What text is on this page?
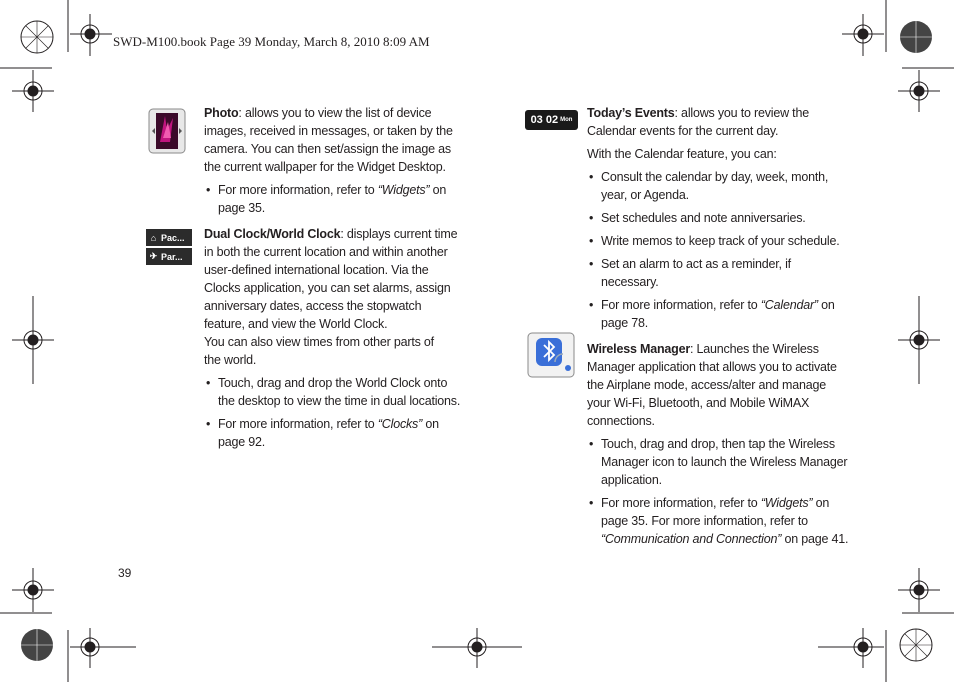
SWD-M100.book Page 39 Monday, March 8, 2010 8:09 AM
⌂ Pac...
✈ Par...

Photo: allows you to view the list of device images, received in messages, or taken by the camera. You can then set/assign the image as the current wallpaper for the Widget Desktop.

• For more information, refer to “Widgets” on page 35.

Dual Clock/World Clock: displays current time in both the current location and within another user-defined international location. Via the Clocks application, you can set alarms, assign anniversary dates, access the stopwatch feature, and view the World Clock.

You can also view times from other parts of the world.

• Touch, drag and drop the World Clock onto the desktop to view the time in dual locations.
• For more information, refer to “Clocks” on page 92.
03 02 Mon Today’s Events: allows you to review the Calendar events for the current day.

With the Calendar feature, you can:

• Consult the calendar by day, week, month, year, or Agenda.
• Set schedules and note anniversaries.
• Write memos to keep track of your schedule.
• Set an alarm to act as a reminder, if necessary.
• For more information, refer to “Calendar” on page 78.

Wireless Manager: Launches the Wireless Manager application that allows you to activate the Airplane mode, access/alter and manage your Wi-Fi, Bluetooth, and Mobile WiMAX connections.

• Touch, drag and drop, then tap the Wireless Manager icon to launch the Wireless Manager application.
• For more information, refer to “Widgets” on page 35. For more information, refer to “Communication and Connection” on page 41.
39
